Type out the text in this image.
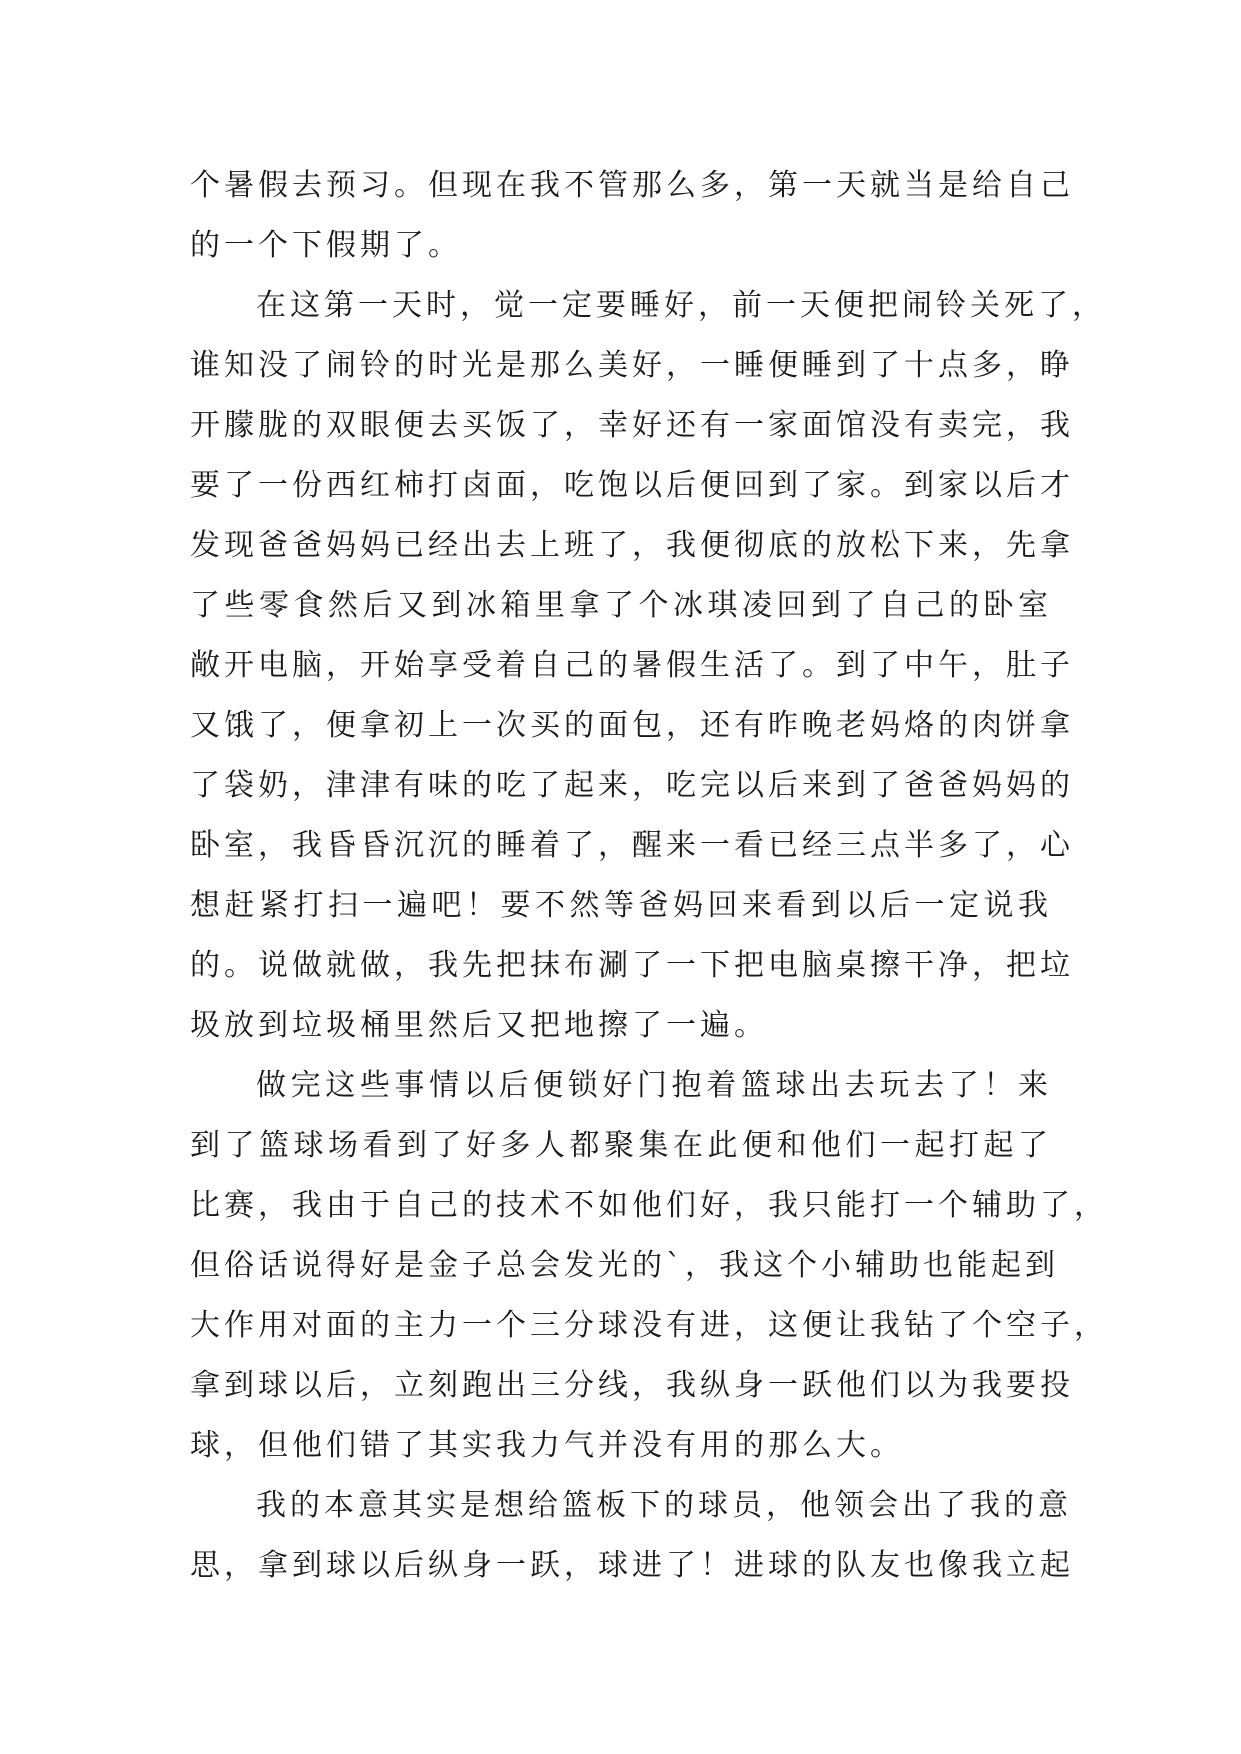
个暑假去预习。但现在我不管那么多，第一天就当是给自己
的一个下假期了。
在这第一天时，觉一定要睡好，前一天便把闹铃关死了，
谁知没了闹铃的时光是那么美好，一睡便睡到了十点多，睁
开朦胧的双眼便去买饭了，幸好还有一家面馆没有卖完，我
要了一份西红柿打卤面，吃饱以后便回到了家。到家以后才
发现爸爸妈妈已经出去上班了，我便彻底的放松下来，先拿
了些零食然后又到冰箱里拿了个冰琪凌回到了自己的卧室
敞开电脑，开始享受着自己的暑假生活了。到了中午，肚子
又饿了，便拿初上一次买的面包，还有昨晚老妈烙的肉饼拿
了袋奶，津津有味的吃了起来，吃完以后来到了爸爸妈妈的
卧室，我昏昏沉沉的睡着了，醒来一看已经三点半多了，心
想赶紧打扫一遍吧！要不然等爸妈回来看到以后一定说我
的。说做就做，我先把抹布涮了一下把电脑桌擦干净，把垃
圾放到垃圾桶里然后又把地擦了一遍。
做完这些事情以后便锁好门抱着篮球出去玩去了！来
到了篮球场看到了好多人都聚集在此便和他们一起打起了
比赛，我由于自己的技术不如他们好，我只能打一个辅助了，
但俗话说得好是金子总会发光的`，我这个小辅助也能起到
大作用对面的主力一个三分球没有进，这便让我钻了个空子，
拿到球以后，立刻跑出三分线，我纵身一跃他们以为我要投
球，但他们错了其实我力气并没有用的那么大。
我的本意其实是想给篮板下的球员，他领会出了我的意
思，拿到球以后纵身一跃，球进了！进球的队友也像我立起
